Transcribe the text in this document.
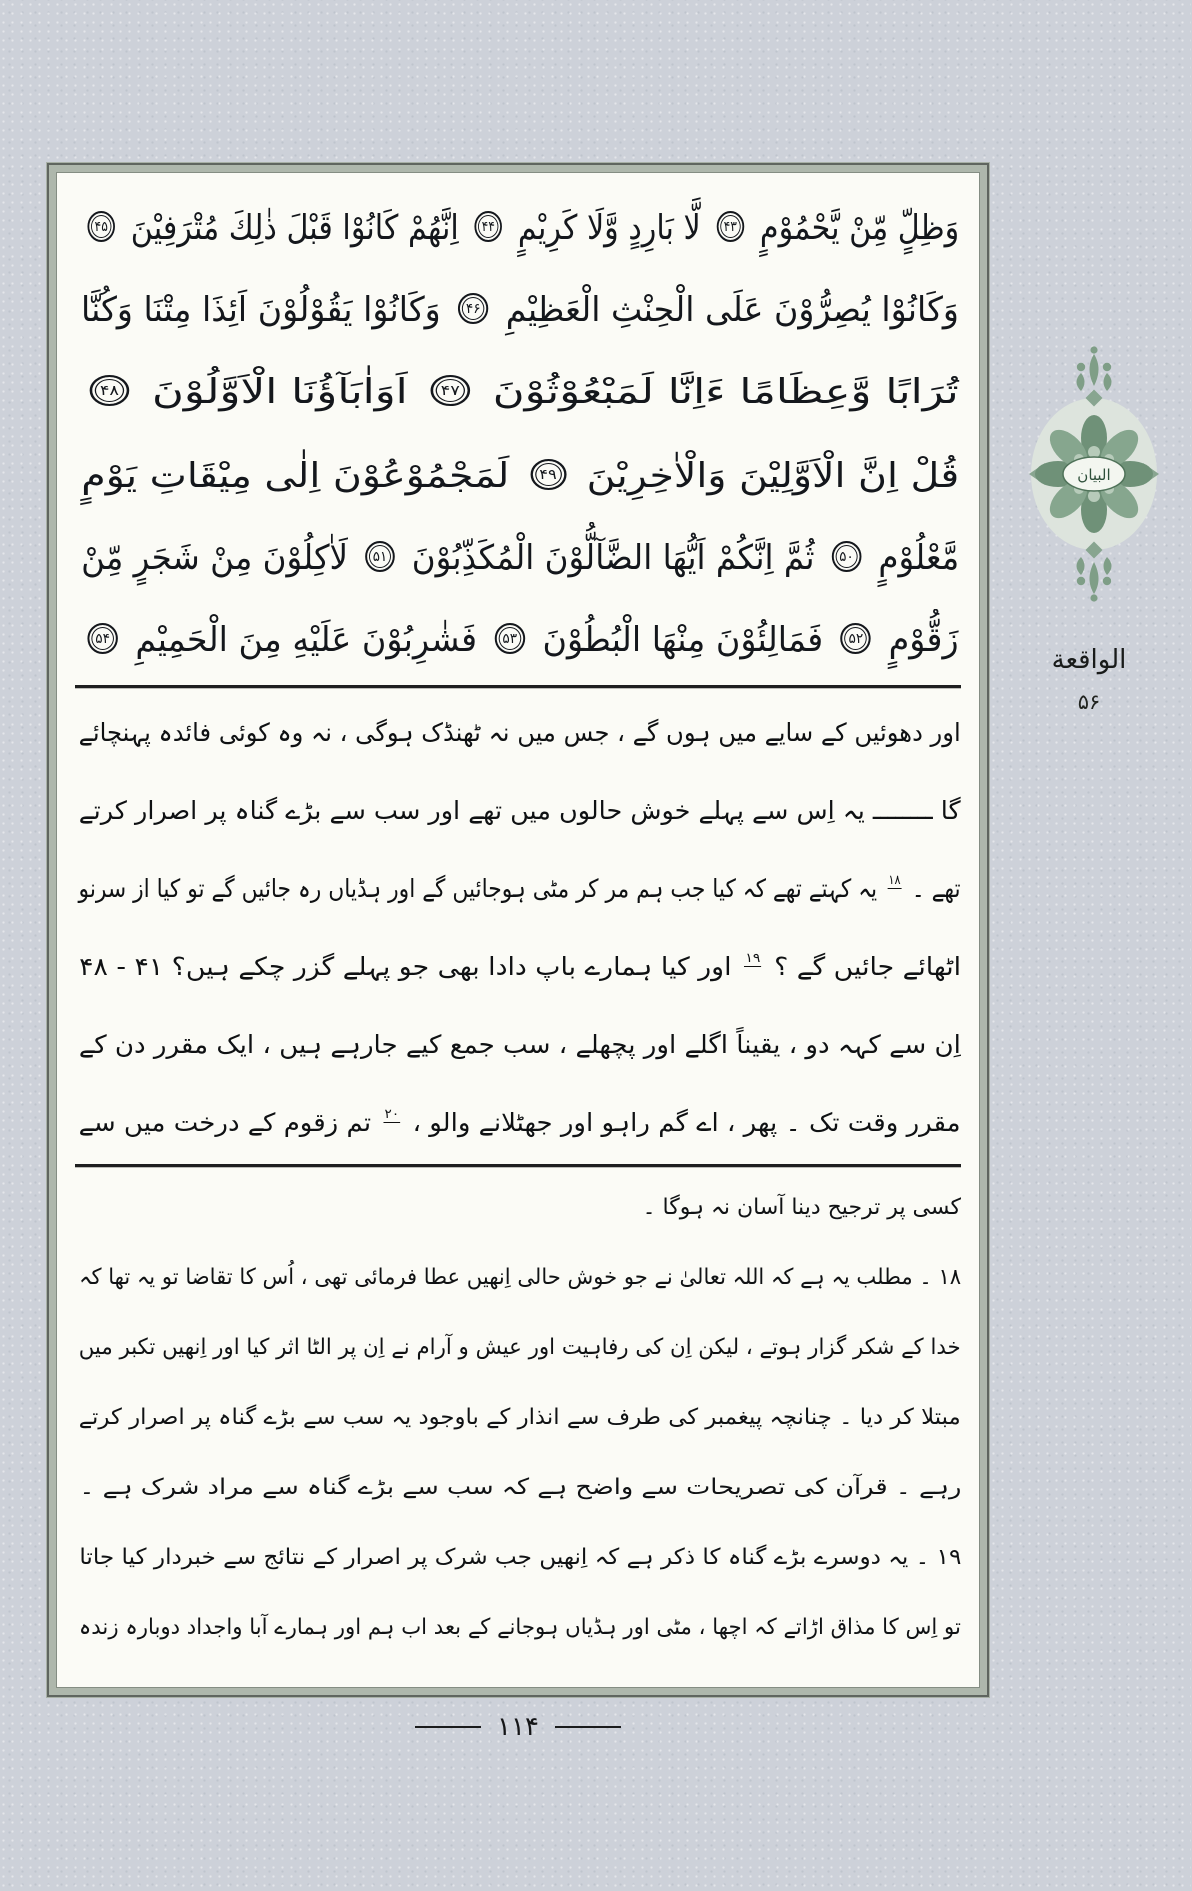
وَظِلٍّ مِّنْ يَّحْمُوْمٍ ۴۳ لَّا بَارِدٍ وَّلَا كَرِيْمٍ ۴۴ اِنَّهُمْ كَانُوْا قَبْلَ ذٰلِكَ مُتْرَفِيْنَ ۴۵
وَكَانُوْا يُصِرُّوْنَ عَلَى الْحِنْثِ الْعَظِيْمِ ۴۶ وَكَانُوْا يَقُوْلُوْنَ اَئِذَا مِتْنَا وَكُنَّا
تُرَابًا وَّعِظَامًا ءَاِنَّا لَمَبْعُوْثُوْنَ ۴۷ اَوَاٰبَآؤُنَا الْاَوَّلُوْنَ ۴۸
قُلْ اِنَّ الْاَوَّلِيْنَ وَالْاٰخِرِيْنَ ۴۹ لَمَجْمُوْعُوْنَ اِلٰى مِيْقَاتِ يَوْمٍ
مَّعْلُوْمٍ ۵۰ ثُمَّ اِنَّكُمْ اَيُّهَا الضَّآلُّوْنَ الْمُكَذِّبُوْنَ ۵۱ لَاٰكِلُوْنَ مِنْ شَجَرٍ مِّنْ
زَقُّوْمٍ ۵۲ فَمَالِئُوْنَ مِنْهَا الْبُطُوْنَ ۵۳ فَشٰرِبُوْنَ عَلَيْهِ مِنَ الْحَمِيْمِ ۵۴
اور دھوئیں کے سایے میں ہوں گے ، جس میں نہ ٹھنڈک ہوگی ، نہ وہ کوئی فائدہ پہنچائے
گا ــــــــ یہ اِس سے پہلے خوش حالوں میں تھے اور سب سے بڑے گناہ پر اصرار کرتے
تھے ۔ ۱۸ یہ کہتے تھے کہ کیا جب ہم مر کر مٹی ہوجائیں گے اور ہڈیاں رہ جائیں گے تو کیا از سرنو
اٹھائے جائیں گے ؟ ۱۹ اور کیا ہمارے باپ دادا بھی جو پہلے گزر چکے ہیں؟ ۴۱ - ۴۸
اِن سے کہہ دو ، یقیناً اگلے اور پچھلے ، سب جمع کیے جارہے ہیں ، ایک مقرر دن کے
مقرر وقت تک ۔ پھر ، اے گم راہو اور جھٹلانے والو ، ۲۰ تم زقوم کے درخت میں سے
کسی پر ترجیح دینا آسان نہ ہوگا ۔
۱۸ ۔ مطلب یہ ہے کہ اللہ تعالیٰ نے جو خوش حالی اِنھیں عطا فرمائی تھی ، اُس کا تقاضا تو یہ تھا کہ
خدا کے شکر گزار ہوتے ، لیکن اِن کی رفاہیت اور عیش و آرام نے اِن پر الٹا اثر کیا اور اِنھیں تکبر میں
مبتلا کر دیا ۔ چنانچہ پیغمبر کی طرف سے انذار کے باوجود یہ سب سے بڑے گناہ پر اصرار کرتے
رہے ۔ قرآن کی تصریحات سے واضح ہے کہ سب سے بڑے گناہ سے مراد شرک ہے ۔
۱۹ ۔ یہ دوسرے بڑے گناہ کا ذکر ہے کہ اِنھیں جب شرک پر اصرار کے نتائج سے خبردار کیا جاتا
تو اِس کا مذاق اڑاتے کہ اچھا ، مٹی اور ہڈیاں ہوجانے کے بعد اب ہم اور ہمارے آبا واجداد دوبارہ زندہ
البيان
الواقعة
۵۶
۱۱۴
